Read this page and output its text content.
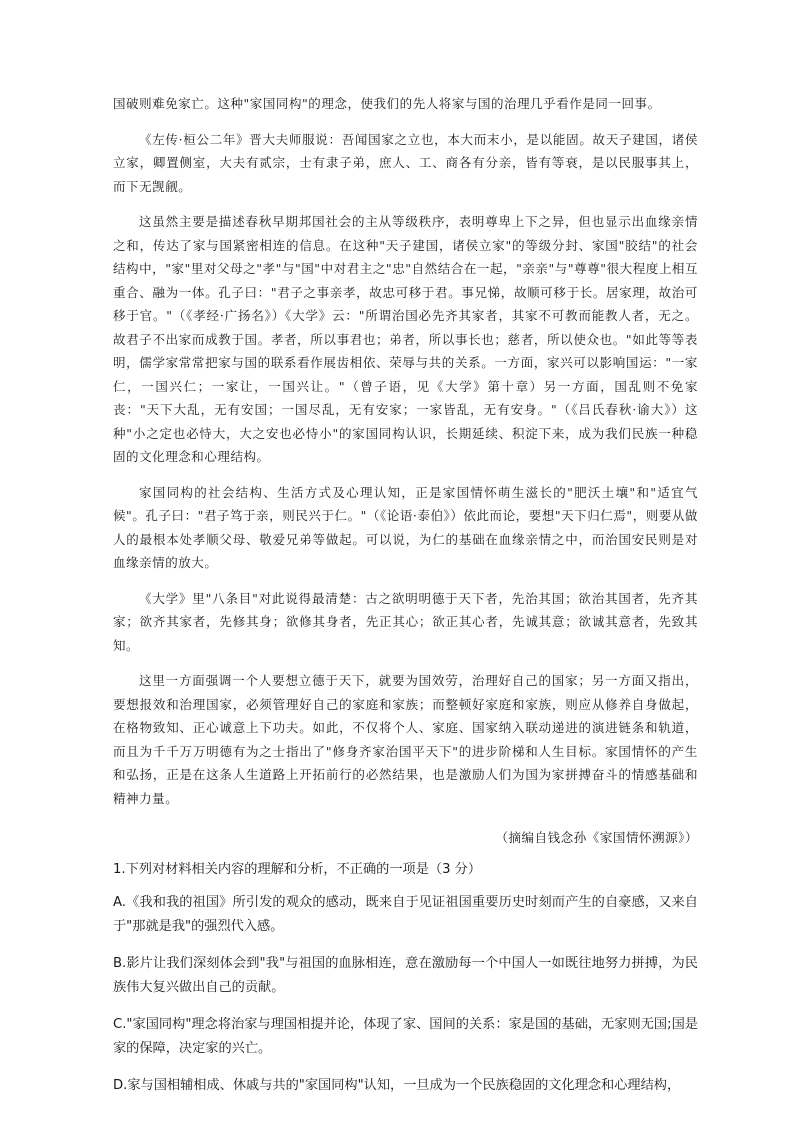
国破则难免家亡。这种"家国同构"的理念，使我们的先人将家与国的治理几乎看作是同一回事。

《左传·桓公二年》晋大夫师服说：吾闻国家之立也，本大而末小，是以能固。故天子建国，诸侯立家，卿置侧室，大夫有贰宗，士有隶子弟，庶人、工、商各有分亲，皆有等衰，是以民服事其上，而下无觊觎。

这虽然主要是描述春秋早期邦国社会的主从等级秩序，表明尊卑上下之异，但也显示出血缘亲情之和，传达了家与国紧密相连的信息。在这种"天子建国，诸侯立家"的等级分封、家国"胶结"的社会结构中，"家"里对父母之"孝"与"国"中对君主之"忠"自然结合在一起，"亲亲"与"尊尊"很大程度上相互重合、融为一体。孔子曰："君子之事亲孝，故忠可移于君。事兄悌，故顺可移于长。居家理，故治可移于官。"（《孝经·广扬名》）《大学》云："所谓治国必先齐其家者，其家不可教而能教人者，无之。故君子不出家而成教于国。孝者，所以事君也；弟者，所以事长也；慈者，所以使众也。"如此等等表明，儒学家常常把家与国的联系看作展齿相依、荣辱与共的关系。一方面，家兴可以影响国运："一家仁，一国兴仁；一家让，一国兴让。"（曾子语，见《大学》第十章）另一方面，国乱则不免家丧："天下大乱，无有安国；一国尽乱，无有安家；一家皆乱，无有安身。"（《吕氏春秋·谕大》）这种"小之定也必恃大，大之安也必恃小"的家国同构认识，长期延续、积淀下来，成为我们民族一种稳固的文化理念和心理结构。

家国同构的社会结构、生活方式及心理认知，正是家国情怀萌生滋长的"肥沃土壤"和"适宜气候"。孔子曰："君子笃于亲，则民兴于仁。"（《论语·泰伯》）依此而论，要想"天下归仁焉"，则要从做人的最根本处孝顺父母、敬爱兄弟等做起。可以说，为仁的基础在血缘亲情之中，而治国安民则是对血缘亲情的放大。

《大学》里"八条目"对此说得最清楚：古之欲明明德于天下者，先治其国；欲治其国者，先齐其家；欲齐其家者，先修其身；欲修其身者，先正其心；欲正其心者，先诚其意；欲诚其意者，先致其知。

这里一方面强调一个人要想立德于天下，就要为国效劳，治理好自己的国家；另一方面又指出，要想报效和治理国家，必须管理好自己的家庭和家族；而整顿好家庭和家族，则应从修养自身做起，在格物致知、正心诚意上下功夫。如此，不仅将个人、家庭、国家纳入联动递进的演进链条和轨道，而且为千千万万明德有为之士指出了"修身齐家治国平天下"的进步阶梯和人生目标。家国情怀的产生和弘扬，正是在这条人生道路上开拓前行的必然结果，也是激励人们为国为家拼搏奋斗的情感基础和精神力量。

（摘编自钱念孙《家国情怀溯源》）

1.下列对材料相关内容的理解和分析，不正确的一项是（3 分）

A.《我和我的祖国》所引发的观众的感动，既来自于见证祖国重要历史时刻而产生的自豪感，又来自于"那就是我"的强烈代入感。

B.影片让我们深刻体会到"我"与祖国的血脉相连，意在激励每一个中国人一如既往地努力拼搏，为民族伟大复兴做出自己的贡献。

C."家国同构"理念将治家与理国相提并论，体现了家、国间的关系：家是国的基础，无家则无国;国是家的保障，决定家的兴亡。

D.家与国相辅相成、休戚与共的"家国同构"认知，一旦成为一个民族稳固的文化理念和心理结构，
